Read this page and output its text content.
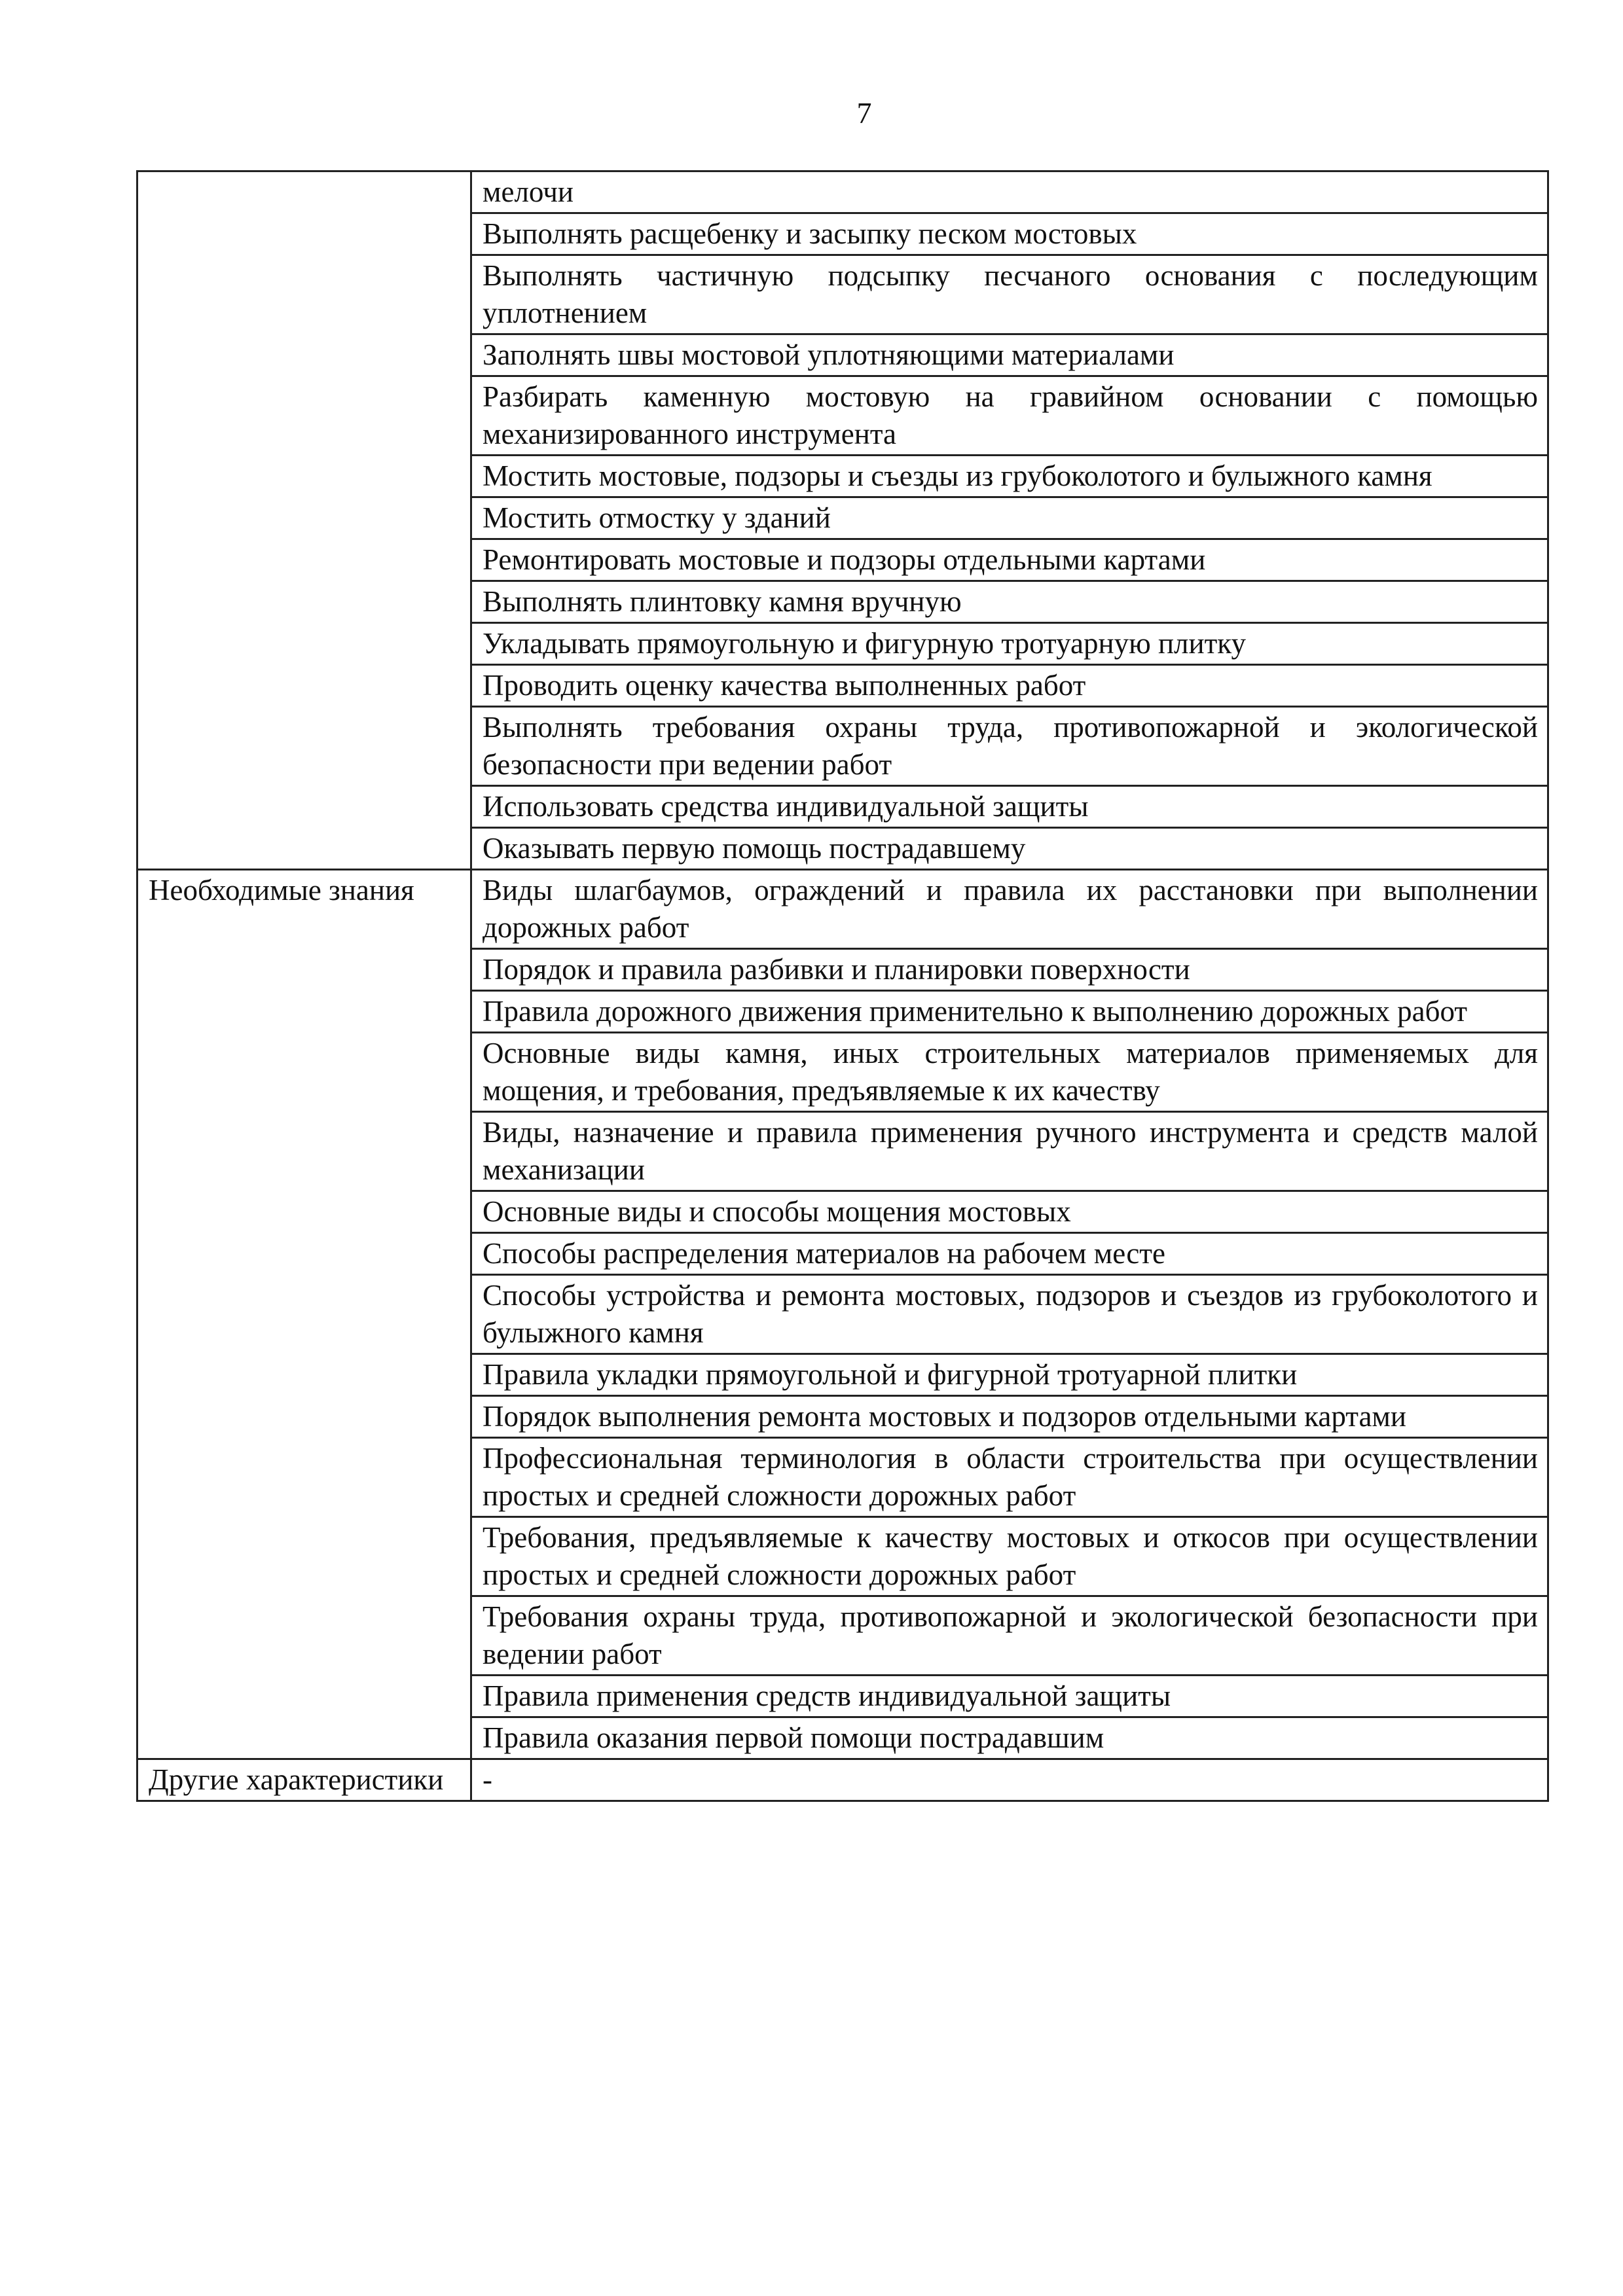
7
	мелочи
	Выполнять расщебенку и засыпку песком мостовых
	Выполнять частичную подсыпку песчаного основания с последующим уплотнением
	Заполнять швы мостовой уплотняющими материалами
	Разбирать каменную мостовую на гравийном основании с помощью механизированного инструмента
	Мостить мостовые, подзоры и съезды из грубоколотого и булыжного камня
	Мостить отмостку у зданий
	Ремонтировать мостовые и подзоры отдельными картами
	Выполнять плинтовку камня вручную
	Укладывать прямоугольную и фигурную тротуарную плитку
	Проводить оценку качества выполненных работ
	Выполнять требования охраны труда, противопожарной и экологической безопасности при ведении работ
	Использовать средства индивидуальной защиты
	Оказывать первую помощь пострадавшему
Необходимые знания	Виды шлагбаумов, ограждений и правила их расстановки при выполнении дорожных работ
	Порядок и правила разбивки и планировки поверхности
	Правила дорожного движения применительно к выполнению дорожных работ
	Основные виды камня, иных строительных материалов применяемых для мощения, и требования, предъявляемые к их качеству
	Виды, назначение и правила применения ручного инструмента и средств малой механизации
	Основные виды и способы мощения мостовых
	Способы распределения материалов на рабочем месте
	Способы устройства и ремонта мостовых, подзоров и съездов из грубоколотого и булыжного камня
	Правила укладки прямоугольной и фигурной тротуарной плитки
	Порядок выполнения ремонта мостовых и подзоров отдельными картами
	Профессиональная терминология в области строительства при осуществлении простых и средней сложности дорожных работ
	Требования, предъявляемые к качеству мостовых и откосов при осуществлении простых и средней сложности дорожных работ
	Требования охраны труда, противопожарной и экологической безопасности при ведении работ
	Правила применения средств индивидуальной защиты
	Правила оказания первой помощи пострадавшим
Другие характеристики	-
